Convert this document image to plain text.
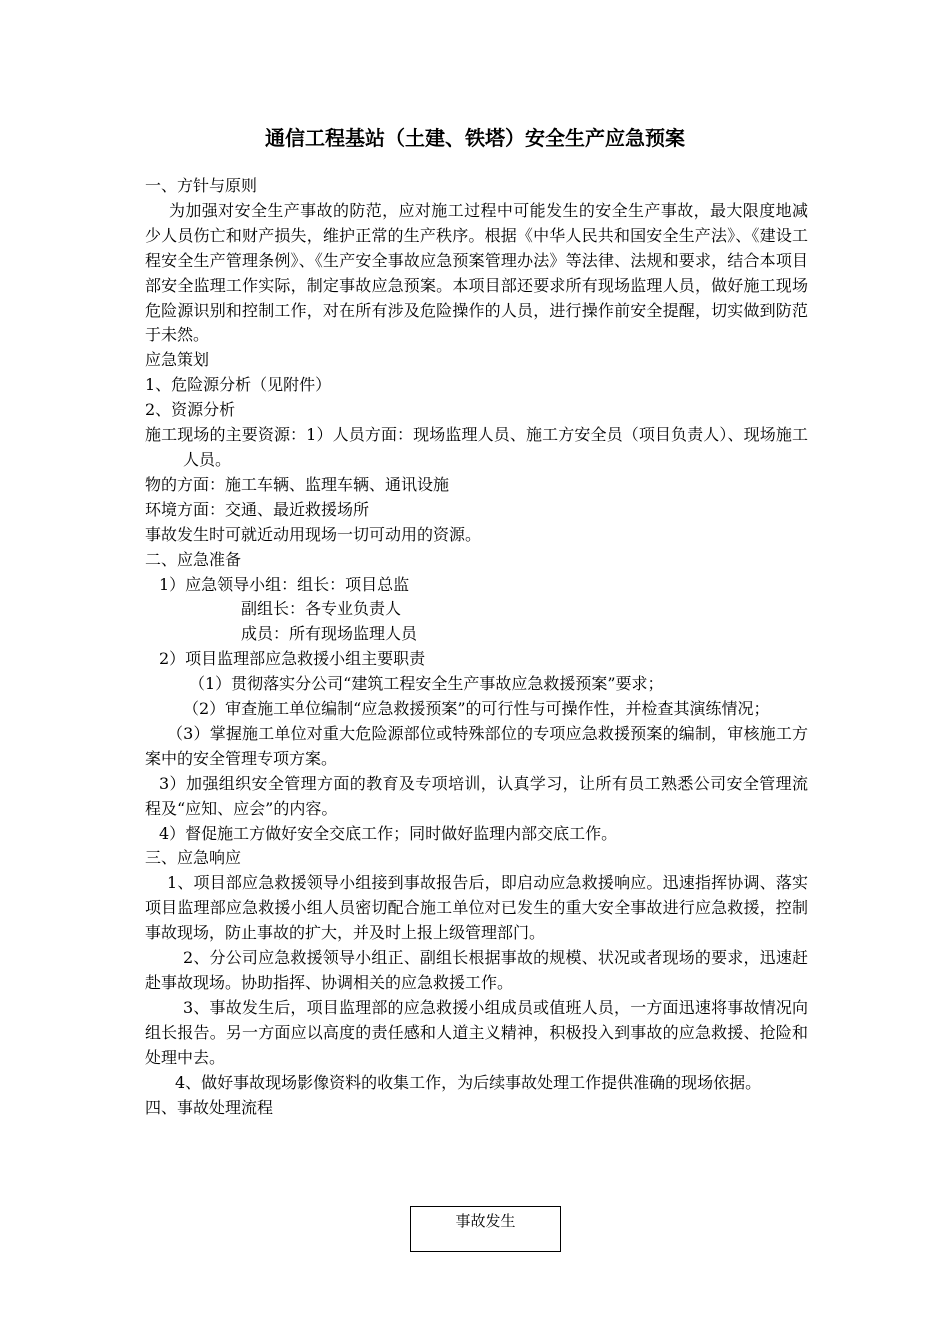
通信工程基站（土建、铁塔）安全生产应急预案

一、方针与原则

为加强对安全生产事故的防范，应对施工过程中可能发生的安全生产事故，最大限度地减少人员伤亡和财产损失，维护正常的生产秩序。根据《中华人民共和国安全生产法》、《建设工程安全生产管理条例》、《生产安全事故应急预案管理办法》等法律、法规和要求，结合本项目部安全监理工作实际，制定事故应急预案。本项目部还要求所有现场监理人员，做好施工现场危险源识别和控制工作，对在所有涉及危险操作的人员，进行操作前安全提醒，切实做到防范于未然。

应急策划

1、危险源分析（见附件）

2、资源分析

施工现场的主要资源：1）人员方面：现场监理人员、施工方安全员（项目负责人）、现场施工人员。

物的方面：施工车辆、监理车辆、通讯设施

环境方面：交通、最近救援场所

事故发生时可就近动用现场一切可动用的资源。

二、应急准备

1）应急领导小组：组长：项目总监

副组长：各专业负责人

成员：所有现场监理人员

2）项目监理部应急救援小组主要职责

（1）贯彻落实分公司“建筑工程安全生产事故应急救援预案”要求；

（2）审查施工单位编制“应急救援预案”的可行性与可操作性，并检查其演练情况；

（3）掌握施工单位对重大危险源部位或特殊部位的专项应急救援预案的编制，审核施工方案中的安全管理专项方案。

3）加强组织安全管理方面的教育及专项培训，认真学习，让所有员工熟悉公司安全管理流程及“应知、应会”的内容。

4）督促施工方做好安全交底工作；同时做好监理内部交底工作。

三、应急响应

1、项目部应急救援领导小组接到事故报告后，即启动应急救援响应。迅速指挥协调、落实项目监理部应急救援小组人员密切配合施工单位对已发生的重大安全事故进行应急救援，控制事故现场，防止事故的扩大，并及时上报上级管理部门。

2、分公司应急救援领导小组正、副组长根据事故的规模、状况或者现场的要求，迅速赶赴事故现场。协助指挥、协调相关的应急救援工作。

3、事故发生后，项目监理部的应急救援小组成员或值班人员，一方面迅速将事故情况向组长报告。另一方面应以高度的责任感和人道主义精神，积极投入到事故的应急救援、抢险和处理中去。

4、做好事故现场影像资料的收集工作，为后续事故处理工作提供准确的现场依据。

四、事故处理流程

事故发生
